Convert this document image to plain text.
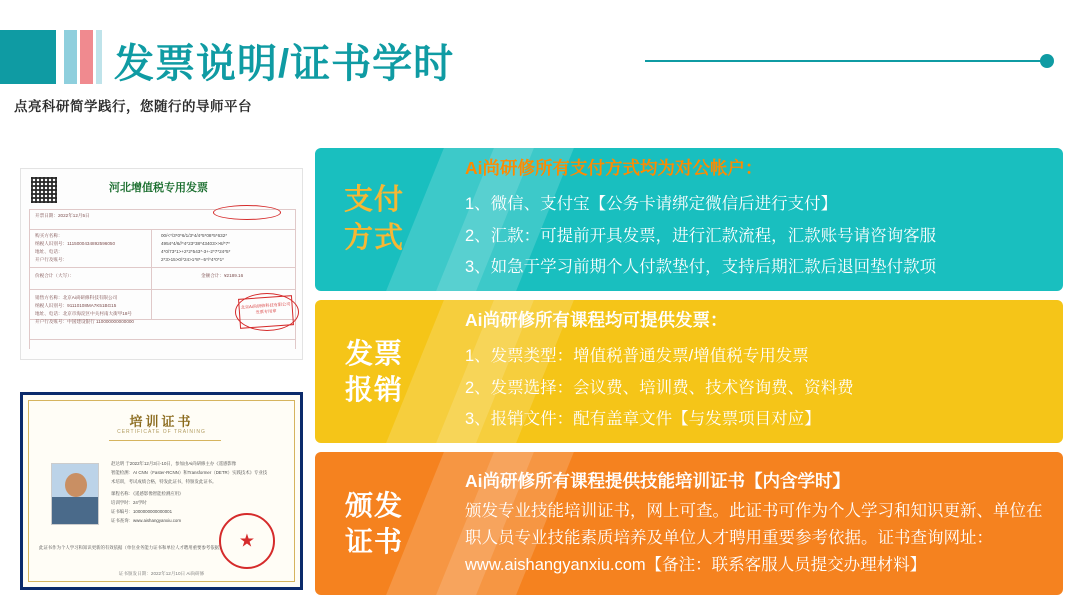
发票说明/证书学时
点亮科研简学践行，您随行的导师平台
河北增值税专用发票
开票日期：2022年12月5日
购买方名称：
纳税人识别号：1115000434892596050
地址、电话：
开户行及账号：
00/<*/3*0*6/1/3*4/4*5*08*5*632*
4954*4/6//*4*23*38*43403>>8/*7*
4*0/73*1>+2*2*543*-3+-2*7*24*5*
2*3>15>0/*24>1*8*--5*/*4*0*1*
金额合计：¥2189.16
价税合计（大写）：
销售方名称：北京Ai尚研修科技有限公司
纳税人识别号：91110108MA7K51BG15
地址、电话：北京市海淀区中关村南大街甲18号
开户行及账号：中国建设银行 110000000000000
北京Ai尚研修科技有限公司 发票专用章
培训证书
CERTIFICATE OF TRAINING
赵达明 于2022年12月3日-10日，参加由Ai尚研修主办《遥感影像
智能检测：AI CNN（Faster-RCNN）和Transformer（DETR）实践技术》专业技
术培训，考试成绩合格，特发此证书，特颁发此证书。
课程名称：《遥感影像智能检测应用》
培训学时：24学时
证书编号：1000000000000001
证书查询：www.aishangyanxiu.com
★
此证书作为个人学习和知识更新的有效依据（单位业务能力证书和单位人才聘用重要参考依据）
证书颁发日期：2022年12月10日 Ai尚研修
支付
方式
Ai尚研修所有支付方式均为对公帐户：
1、微信、支付宝【公务卡请绑定微信后进行支付】
2、汇款：可提前开具发票，进行汇款流程，汇款账号请咨询客服
3、如急于学习前期个人付款垫付，支持后期汇款后退回垫付款项
发票
报销
Ai尚研修所有课程均可提供发票：
1、发票类型：增值税普通发票/增值税专用发票
2、发票选择：会议费、培训费、技术咨询费、资料费
3、报销文件：配有盖章文件【与发票项目对应】
颁发
证书
Ai尚研修所有课程提供技能培训证书【内含学时】

颁发专业技能培训证书，网上可查。此证书可作为个人学习和知识更新、单位在职人员专业技能素质培养及单位人才聘用重要参考依据。证书查询网址：www.aishangyanxiu.com【备注：联系客服人员提交办理材料】
